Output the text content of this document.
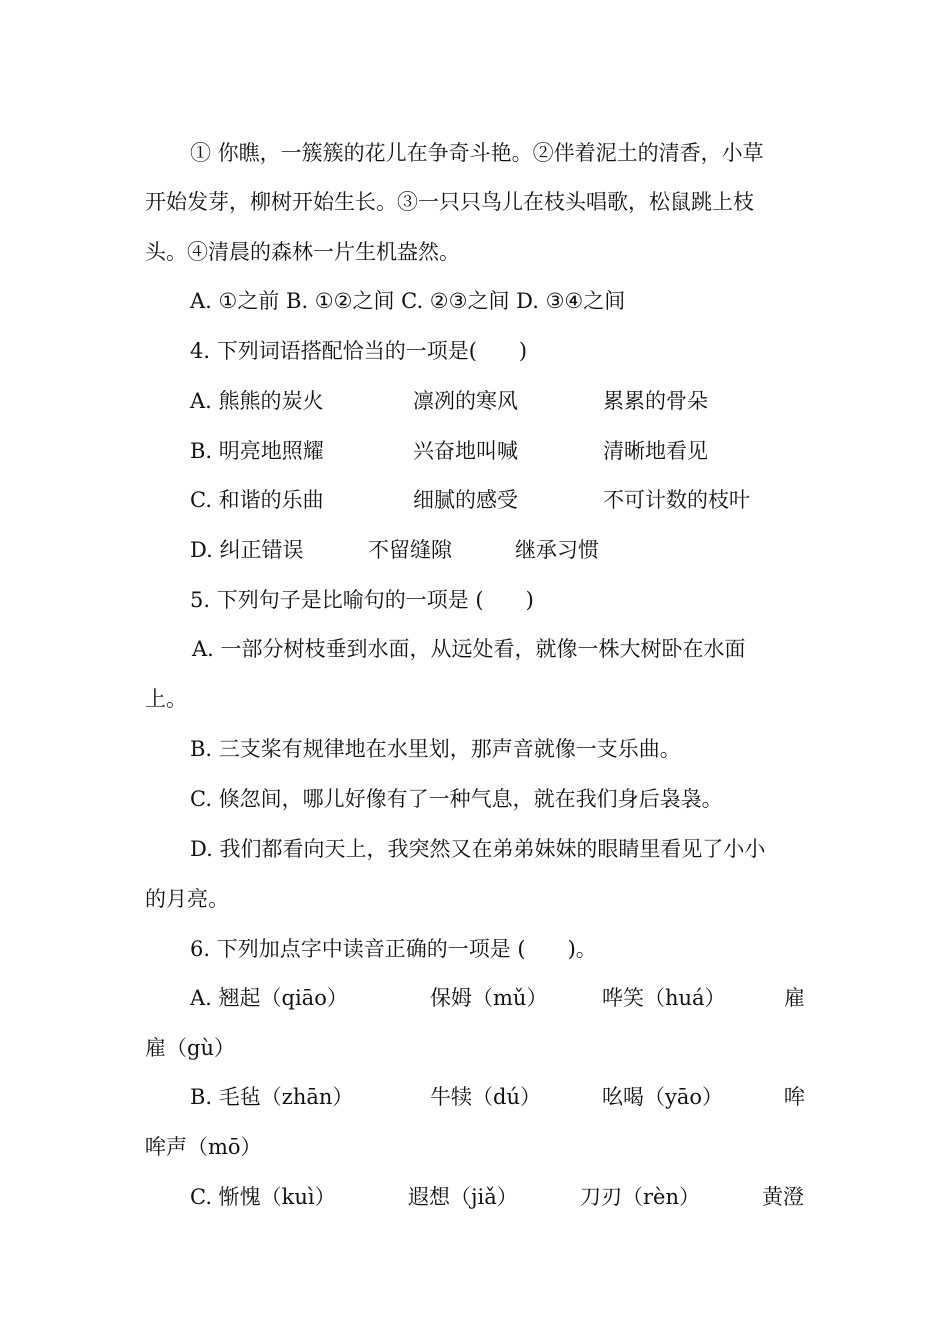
① 你瞧，一簇簇的花儿在争奇斗艳。②伴着泥土的清香，小草
开始发芽，柳树开始生长。③一只只鸟儿在枝头唱歌，松鼠跳上枝
头。④清晨的森林一片生机盎然。
A. ①之前 B. ①②之间 C. ②③之间 D. ③④之间
4. 下列词语搭配恰当的一项是(　　)
A. 熊熊的炭火	凛冽的寒风	累累的骨朵
B. 明亮地照耀	兴奋地叫喊	清晰地看见
C. 和谐的乐曲	细腻的感受	不可计数的枝叶
D. 纠正错误	不留缝隙	继承习惯
5. 下列句子是比喻句的一项是 (　　)
A. 一部分树枝垂到水面，从远处看，就像一株大树卧在水面
上。
B. 三支桨有规律地在水里划，那声音就像一支乐曲。
C. 倏忽间，哪儿好像有了一种气息，就在我们身后袅袅。
D. 我们都看向天上，我突然又在弟弟妹妹的眼睛里看见了小小
的月亮。
6. 下列加点字中读音正确的一项是 (　　)。
A. 翘起（qiāo）	保姆（mǔ）	哗笑（huá）	雇
雇（gù）
B. 毛毡（zhān）	牛犊（dú）	吆喝（yāo）	哞
哞声（mō）
C. 惭愧（kuì）	遐想（jiǎ）	刀刃（rèn）	黄澄
